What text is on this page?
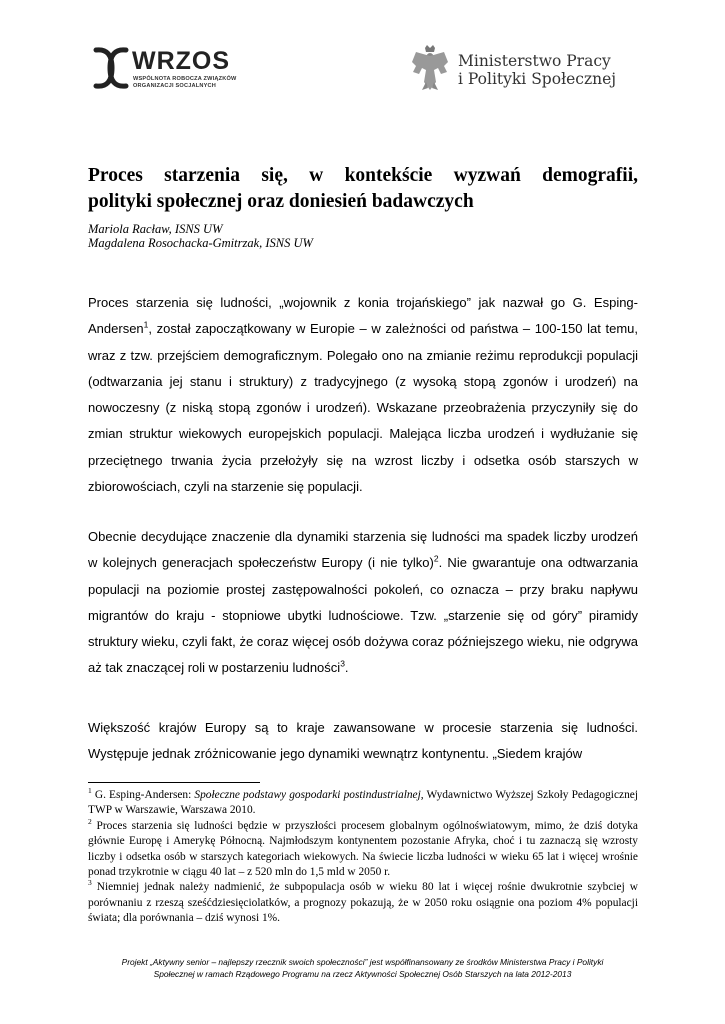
WRZOS
WSPÓLNOTA ROBOCZA ZWIĄZKÓW
ORGANIZACJI SOCJALNYCH
Ministerstwo Pracy
i Polityki Społecznej
Proces starzenia się, w kontekście wyzwań demografii,
polityki społecznej oraz doniesień badawczych
Mariola Racław, ISNS UW
Magdalena Rosochacka-Gmitrzak, ISNS UW
Proces starzenia się ludności, „wojownik z konia trojańskiego” jak nazwał go G. Esping-Andersen$^1$, został zapoczątkowany w Europie – w zależności od państwa – 100-150 lat temu, wraz z tzw. przejściem demograficznym. Polegało ono na zmianie reżimu reprodukcji populacji (odtwarzania jej stanu i struktury) z tradycyjnego (z wysoką stopą zgonów i urodzeń) na nowoczesny (z niską stopą zgonów i urodzeń). Wskazane przeobrażenia przyczyniły się do zmian struktur wiekowych europejskich populacji. Malejąca liczba urodzeń i wydłużanie się przeciętnego trwania życia przełożyły się na wzrost liczby i odsetka osób starszych w zbiorowościach, czyli na starzenie się populacji.
Obecnie decydujące znaczenie dla dynamiki starzenia się ludności ma spadek liczby urodzeń w kolejnych generacjach społeczeństw Europy (i nie tylko)$^2$. Nie gwarantuje ona odtwarzania populacji na poziomie prostej zastępowalności pokoleń, co oznacza – przy braku napływu migrantów do kraju - stopniowe ubytki ludnościowe. Tzw. „starzenie się od góry” piramidy struktury wieku, czyli fakt, że coraz więcej osób dożywa coraz późniejszego wieku, nie odgrywa aż tak znaczącej roli w postarzeniu ludności$^3$.
Większość krajów Europy są to kraje zawansowane w procesie starzenia się ludności. Występuje jednak zróżnicowanie jego dynamiki wewnątrz kontynentu. „Siedem krajów

$^1$ G. Esping-Andersen: Społeczne podstawy gospodarki postindustrialnej, Wydawnictwo Wyższej Szkoły Pedagogicznej TWP w Warszawie, Warszawa 2010.

$^2$ Proces starzenia się ludności będzie w przyszłości procesem globalnym ogólnoświatowym, mimo, że dziś dotyka głównie Europę i Amerykę Północną. Najmłodszym kontynentem pozostanie Afryka, choć i tu zaznaczą się wzrosty liczby i odsetka osób w starszych kategoriach wiekowych. Na świecie liczba ludności w wieku 65 lat i więcej wrośnie ponad trzykrotnie w ciągu 40 lat – z 520 mln do 1,5 mld w 2050 r.

$^3$ Niemniej jednak należy nadmienić, że subpopulacja osób w wieku 80 lat i więcej rośnie dwukrotnie szybciej w porównaniu z rzeszą sześćdziesięciolatków, a prognozy pokazują, że w 2050 roku osiągnie ona poziom 4% populacji świata; dla porównania – dziś wynosi 1%.

Projekt „Aktywny senior – najlepszy rzecznik swoich społeczności” jest współfinansowany ze środków Ministerstwa Pracy i Polityki
Społecznej w ramach Rządowego Programu na rzecz Aktywności Społecznej Osób Starszych na lata 2012-2013
